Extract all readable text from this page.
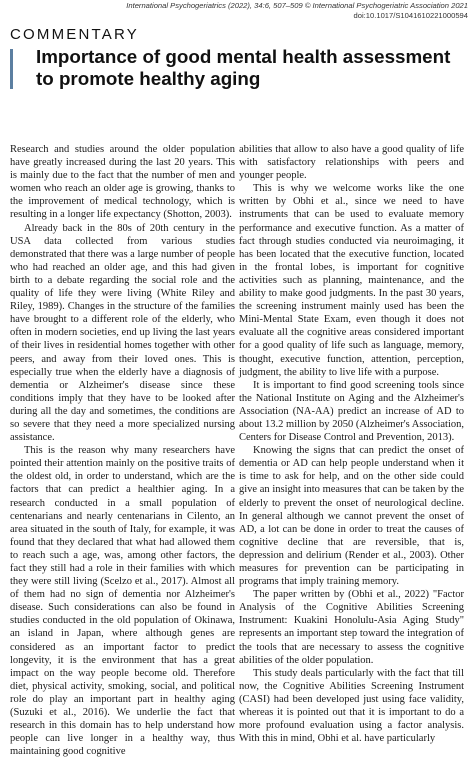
International Psychogeriatrics (2022), 34:6, 507–509 © International Psychogeriatric Association 2021
doi:10.1017/S1041610221000594
COMMENTARY
Importance of good mental health assessment to promote healthy aging

Research and studies around the older population have greatly increased during the last 20 years. This is mainly due to the fact that the number of men and women who reach an older age is growing, thanks to the improvement of medical technology, which is resulting in a longer life expectancy (Shotton, 2003).

Already back in the 80s of 20th century in the USA data collected from various studies demonstrated that there was a large number of people who had reached an older age, and this had given birth to a debate regarding the social role and the quality of life they were living (White Riley and Riley, 1989). Changes in the structure of the families have brought to a different role of the elderly, who often in modern societies, end up living the last years of their lives in residential homes together with other peers, and away from their loved ones. This is especially true when the elderly have a diagnosis of dementia or Alzheimer's disease since these conditions imply that they have to be looked after during all the day and sometimes, the conditions are so severe that they need a more specialized nursing assistance.

This is the reason why many researchers have pointed their attention mainly on the positive traits of the oldest old, in order to understand, which are the factors that can predict a healthier aging. In a research conducted in a small population of centenarians and nearly centenarians in Cilento, an area situated in the south of Italy, for example, it was found that they declared that what had allowed them to reach such a age, was, among other factors, the fact they still had a role in their families with which they were still living (Scelzo et al., 2017). Almost all of them had no sign of dementia nor Alzheimer's disease. Such considerations can also be found in studies conducted in the old population of Okinawa, an island in Japan, where although genes are considered as an important factor to predict longevity, it is the environment that has a great impact on the way people become old. Therefore diet, physical activity, smoking, social, and political role do play an important part in healthy aging (Suzuki et al., 2016). We underlie the fact that research in this domain has to help understand how people can live longer in a healthy way, thus maintaining good cognitive

abilities that allow to also have a good quality of life with satisfactory relationships with peers and younger people.

This is why we welcome works like the one written by Obhi et al., since we need to have instruments that can be used to evaluate memory performance and executive function. As a matter of fact through studies conducted via neuroimaging, it has been located that the executive function, located in the frontal lobes, is important for cognitive activities such as planning, maintenance, and the ability to make good judgments. In the past 30 years, the screening instrument mainly used has been the Mini-Mental State Exam, even though it does not evaluate all the cognitive areas considered important for a good quality of life such as language, memory, thought, executive function, attention, perception, judgment, the ability to live life with a purpose.

It is important to find good screening tools since the National Institute on Aging and the Alzheimer's Association (NA-AA) predict an increase of AD to about 13.2 million by 2050 (Alzheimer's Association, Centers for Disease Control and Prevention, 2013).

Knowing the signs that can predict the onset of dementia or AD can help people understand when it is time to ask for help, and on the other side could give an insight into measures that can be taken by the elderly to prevent the onset of neurological decline. In general although we cannot prevent the onset of AD, a lot can be done in order to treat the causes of cognitive decline that are reversible, that is, depression and delirium (Render et al., 2003). Other measures for prevention can be participating in programs that imply training memory.

The paper written by (Obhi et al., 2022) "Factor Analysis of the Cognitive Abilities Screening Instrument: Kuakini Honolulu-Asia Aging Study" represents an important step toward the integration of the tools that are necessary to assess the cognitive abilities of the older population.

This study deals particularly with the fact that till now, the Cognitive Abilities Screening Instrument (CASI) had been developed just using face validity, whereas it is pointed out that it is important to do a more profound evaluation using a factor analysis. With this in mind, Obhi et al. have particularly
